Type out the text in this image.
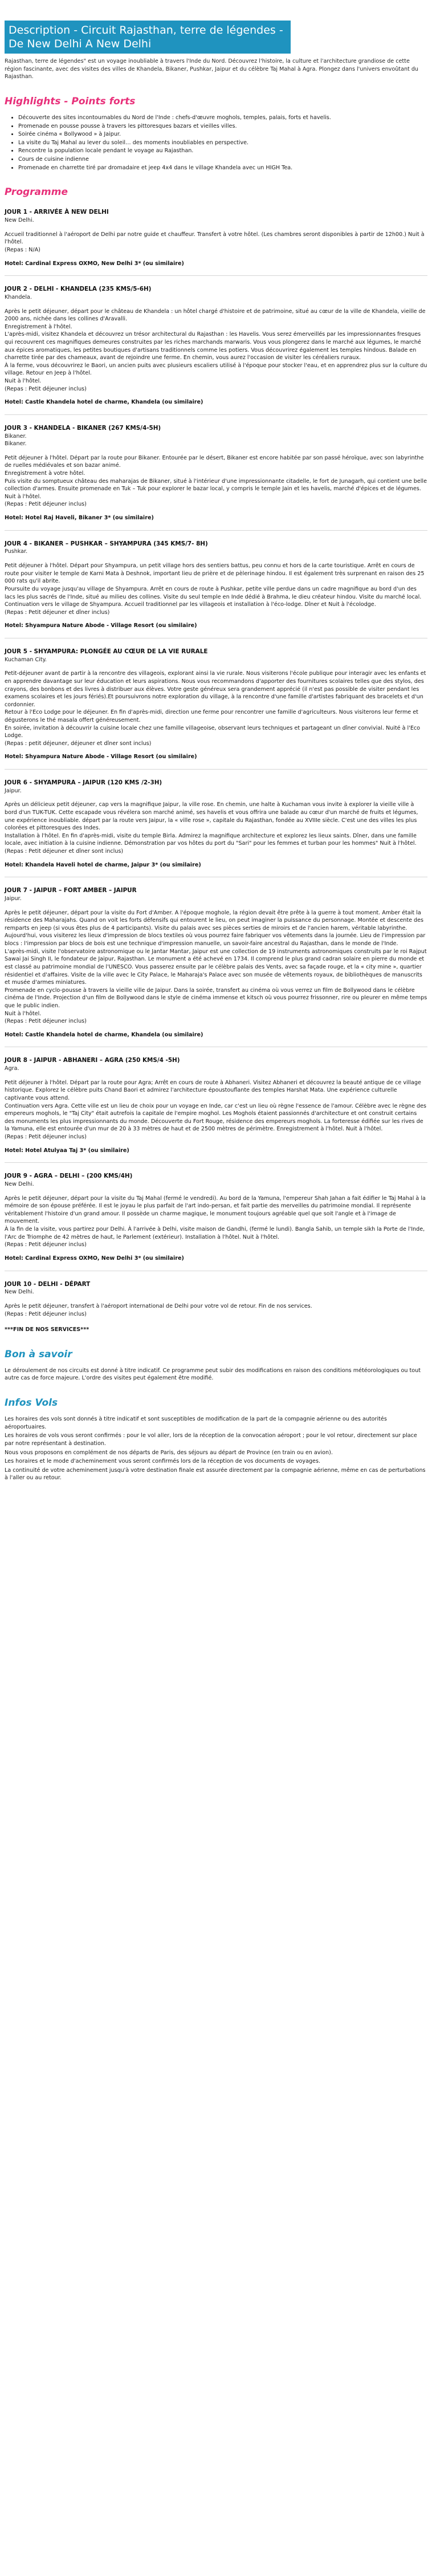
Description - Circuit Rajasthan, terre de légendes - De New Delhi A New Delhi
Rajasthan, terre de légendes" est un voyage inoubliable à travers l'Inde du Nord. Découvrez l'histoire, la culture et l'architecture grandiose de cette région fascinante, avec des visites des villes de Khandela, Bikaner, Pushkar, Jaipur et du célèbre Taj Mahal à Agra. Plongez dans l'univers envoûtant du Rajasthan.
Highlights - Points forts
• Découverte des sites incontournables du Nord de l'Inde : chefs-d'œuvre moghols, temples, palais, forts et havelis.
• Promenade en pousse pousse à travers les pittoresques bazars et vieilles villes.
• Soirée cinéma « Bollywood » à Jaipur.
• La visite du Taj Mahal au lever du soleil… des moments inoubliables en perspective.
• Rencontre la population locale pendant le voyage au Rajasthan.
• Cours de cuisine indienne
• Promenade en charrette tiré par dromadaire et jeep 4x4 dans le village Khandela avec un HIGH Tea.
Programme
JOUR 1 - ARRIVÉE À NEW DELHI
New Delhi.

Accueil traditionnel à l'aéroport de Delhi par notre guide et chauffeur. Transfert à votre hôtel. (Les chambres seront disponibles à partir de 12h00.) Nuit à l'hôtel.

(Repas : N/A)

Hotel: Cardinal Express OXMO, New Delhi 3* (ou similaire)
JOUR 2 - DELHI - KHANDELA (235 KMS/5-6H)
Khandela.

Après le petit déjeuner, départ pour le château de Khandela : un hôtel chargé d'histoire et de patrimoine, situé au cœur de la ville de Khandela, vieille de 2000 ans, nichée dans les collines d'Aravalli.

Enregistrement à l'hôtel.

L'après-midi, visitez Khandela et découvrez un trésor architectural du Rajasthan : les Havelis. Vous serez émerveillés par les impressionnantes fresques qui recouvrent ces magnifiques demeures construites par les riches marchands marwaris. Vous vous plongerez dans le marché aux légumes, le marché aux épices aromatiques, les petites boutiques d'artisans traditionnels comme les potiers. Vous découvrirez également les temples hindous. Balade en charrette tirée par des chameaux, avant de rejoindre une ferme. En chemin, vous aurez l'occasion de visiter les céréaliers ruraux.

À la ferme, vous découvrirez le Baori, un ancien puits avec plusieurs escaliers utilisé à l'époque pour stocker l'eau, et en apprendrez plus sur la culture du village. Retour en Jeep à l'hôtel.

Nuit à l'hôtel.

(Repas : Petit déjeuner inclus)

Hotel: Castle Khandela hotel de charme, Khandela (ou similaire)
JOUR 3 - KHANDELA - BIKANER (267 KMS/4-5H)
Bikaner.
Bikaner.

Petit déjeuner à l'hôtel. Départ par la route pour Bikaner. Entourée par le désert, Bikaner est encore habitée par son passé héroïque, avec son labyrinthe de ruelles médiévales et son bazar animé.

Enregistrement à votre hôtel.

Puis visite du somptueux château des maharajas de Bikaner, situé à l'intérieur d'une impressionnante citadelle, le fort de Junagarh, qui contient une belle collection d'armes. Ensuite promenade en Tuk – Tuk pour explorer le bazar local, y compris le temple Jain et les havelis, marché d'épices et de légumes.

Nuit à l'hôtel.

(Repas : Petit déjeuner inclus)

Hotel: Hotel Raj Haveli, Bikaner 3* (ou similaire)
JOUR 4 - BIKANER – PUSHKAR – SHYAMPURA (345 KMS/7- 8H)
Pushkar.

Petit déjeuner à l'hôtel. Départ pour Shyampura, un petit village hors des sentiers battus, peu connu et hors de la carte touristique. Arrêt en cours de route pour visiter le temple de Karni Mata à Deshnok, important lieu de prière et de pèlerinage hindou. Il est également très surprenant en raison des 25 000 rats qu'il abrite.

Poursuite du voyage jusqu'au village de Shyampura. Arrêt en cours de route à Pushkar, petite ville perdue dans un cadre magnifique au bord d'un des lacs les plus sacrés de l'Inde, situé au milieu des collines. Visite du seul temple en Inde dédié à Brahma, le dieu créateur hindou. Visite du marché local.

Continuation vers le village de Shyampura. Accueil traditionnel par les villageois et installation à l'éco-lodge. Dîner et Nuit à l'écolodge.

(Repas : Petit déjeuner et dîner inclus)

Hotel: Shyampura Nature Abode - Village Resort (ou similaire)
JOUR 5 - SHYAMPURA: PLONGÉE AU CŒUR DE LA VIE RURALE
Kuchaman City.

Petit-déjeuner avant de partir à la rencontre des villageois, explorant ainsi la vie rurale. Nous visiterons l'école publique pour interagir avec les enfants et en apprendre davantage sur leur éducation et leurs aspirations. Nous vous recommandons d'apporter des fournitures scolaires telles que des stylos, des crayons, des bonbons et des livres à distribuer aux élèves. Votre geste généreux sera grandement apprécié (il n'est pas possible de visiter pendant les examens scolaires et les jours fériés).Et poursuivrons notre exploration du village, à la rencontre d'une famille d'artistes fabriquant des bracelets et d'un cordonnier.

Retour à l'Eco Lodge pour le déjeuner. En fin d'après-midi, direction une ferme pour rencontrer une famille d'agriculteurs. Nous visiterons leur ferme et dégusterons le thé masala offert généreusement.

En soirée, invitation à découvrir la cuisine locale chez une famille villageoise, observant leurs techniques et partageant un dîner convivial. Nuité à l'Eco Lodge.

(Repas : petit déjeuner, déjeuner et dîner sont inclus)

Hotel: Shyampura Nature Abode - Village Resort (ou similaire)
JOUR 6 - SHYAMPURA – JAIPUR (120 KMS /2-3H)
Jaipur.

Après un délicieux petit déjeuner, cap vers la magnifique Jaipur, la ville rose. En chemin, une halte à Kuchaman vous invite à explorer la vieille ville à bord d'un TUK-TUK. Cette escapade vous révélera son marché animé, ses havelis et vous offrira une balade au cœur d'un marché de fruits et légumes, une expérience inoubliable. départ par la route vers Jaipur, la « ville rose », capitale du Rajasthan, fondée au XVIIIe siècle. C'est une des villes les plus colorées et pittoresques des Indes.

Installation à l'hôtel. En fin d'après-midi, visite du temple Birla. Admirez la magnifique architecture et explorez les lieux saints. Dîner, dans une famille locale, avec initiation à la cuisine indienne. Démonstration par vos hôtes du port du "Sari" pour les femmes et turban pour les hommes" Nuit à l'hôtel.

(Repas : Petit déjeuner et dîner sont inclus)

Hotel: Khandela Haveli hotel de charme, Jaipur 3* (ou similaire)
JOUR 7 - JAIPUR – FORT AMBER – JAIPUR
Jaipur.

Après le petit déjeuner, départ pour la visite du Fort d'Amber. A l'époque moghole, la région devait être prête à la guerre à tout moment. Amber était la résidence des Maharajahs. Quand on voit les forts défensifs qui entourent le lieu, on peut imaginer la puissance du personnage. Montée et descente des remparts en jeep (si vous êtes plus de 4 participants). Visite du palais avec ses pièces serties de miroirs et de l'ancien harem, véritable labyrinthe. Aujourd'hui, vous visiterez les lieux d'impression de blocs textiles où vous pourrez faire fabriquer vos vêtements dans la journée. Lieu de l'impression par blocs : l'impression par blocs de bois est une technique d'impression manuelle, un savoir-faire ancestral du Rajasthan, dans le monde de l'Inde.

L'après-midi, visite l'observatoire astronomique ou le Jantar Mantar, Jaipur est une collection de 19 instruments astronomiques construits par le roi Rajput Sawai Jai Singh II, le fondateur de Jaipur, Rajasthan. Le monument a été achevé en 1734. Il comprend le plus grand cadran solaire en pierre du monde et est classé au patrimoine mondial de l'UNESCO. Vous passerez ensuite par le célèbre palais des Vents, avec sa façade rouge, et la « city mine », quartier résidentiel et d'affaires. Visite de la ville avec le City Palace, le Maharaja's Palace avec son musée de vêtements royaux, de bibliothèques de manuscrits et musée d'armes miniatures.

Promenade en cyclo-pousse à travers la vieille ville de Jaipur. Dans la soirée, transfert au cinéma où vous verrez un film de Bollywood dans le célèbre cinéma de l'Inde. Projection d'un film de Bollywood dans le style de cinéma immense et kitsch où vous pourrez frissonner, rire ou pleurer en même temps que le public indien.

Nuit à l'hôtel.

(Repas : Petit déjeuner inclus)

Hotel: Castle Khandela hotel de charme, Khandela (ou similaire)
JOUR 8 - JAIPUR - ABHANERI – AGRA (250 KMS/4 -5H)
Agra.

Petit déjeuner à l'hôtel. Départ par la route pour Agra; Arrêt en cours de route à Abhaneri. Visitez Abhaneri et découvrez la beauté antique de ce village historique. Explorez le célèbre puits Chand Baori et admirez l'architecture époustouflante des temples Harshat Mata. Une expérience culturelle captivante vous attend.

Continuation vers Agra. Cette ville est un lieu de choix pour un voyage en Inde, car c'est un lieu où règne l'essence de l'amour. Célèbre avec le règne des empereurs moghols, le "Taj City" était autrefois la capitale de l'empire moghol. Les Moghols étaient passionnés d'architecture et ont construit certains des monuments les plus impressionnants du monde. Découverte du Fort Rouge, résidence des empereurs moghols. La forteresse édifiée sur les rives de la Yamuna, elle est entourée d'un mur de 20 à 33 mètres de haut et de 2500 mètres de périmètre. Enregistrement à l'hôtel. Nuit à l'hôtel.

(Repas : Petit déjeuner inclus)

Hotel: Hotel Atulyaa Taj 3* (ou similaire)
JOUR 9 - AGRA – DELHI – (200 KMS/4H)
New Delhi.

Après le petit déjeuner, départ pour la visite du Taj Mahal (fermé le vendredi). Au bord de la Yamuna, l'empereur Shah Jahan a fait édifier le Taj Mahal à la mémoire de son épouse préférée. Il est le joyau le plus parfait de l'art indo-persan, et fait partie des merveilles du patrimoine mondial. Il représente véritablement l'histoire d'un grand amour. Il possède un charme magique, le monument toujours agréable quel que soit l'angle et à l'image de mouvement.

À la fin de la visite, vous partirez pour Delhi. À l'arrivée à Delhi, visite maison de Gandhi, (fermé le lundi). Bangla Sahib, un temple sikh la Porte de l'Inde, l'Arc de Triomphe de 42 mètres de haut, le Parlement (extérieur). Installation à l'hôtel. Nuit à l'hôtel.

(Repas : Petit déjeuner inclus)

Hotel: Cardinal Express OXMO, New Delhi 3* (ou similaire)
JOUR 10 - DELHI - DÉPART
New Delhi.

Après le petit déjeuner, transfert à l'aéroport international de Delhi pour votre vol de retour. Fin de nos services.

(Repas : Petit déjeuner inclus)

***FIN DE NOS SERVICES***
Bon à savoir

Le déroulement de nos circuits est donné à titre indicatif. Ce programme peut subir des modifications en raison des conditions météorologiques ou tout autre cas de force majeure. L'ordre des visites peut également être modifié.

Infos Vols

Les horaires des vols sont donnés à titre indicatif et sont susceptibles de modification de la part de la compagnie aérienne ou des autorités aéroportuaires.

Les horaires de vols vous seront confirmés : pour le vol aller, lors de la réception de la convocation aéroport ; pour le vol retour, directement sur place par notre représentant à destination.

Nous vous proposons en complément de nos départs de Paris, des séjours au départ de Province (en train ou en avion).

Les horaires et le mode d'acheminement vous seront confirmés lors de la réception de vos documents de voyages.

La continuité de votre acheminement jusqu'à votre destination finale est assurée directement par la compagnie aérienne, même en cas de perturbations à l'aller ou au retour.
